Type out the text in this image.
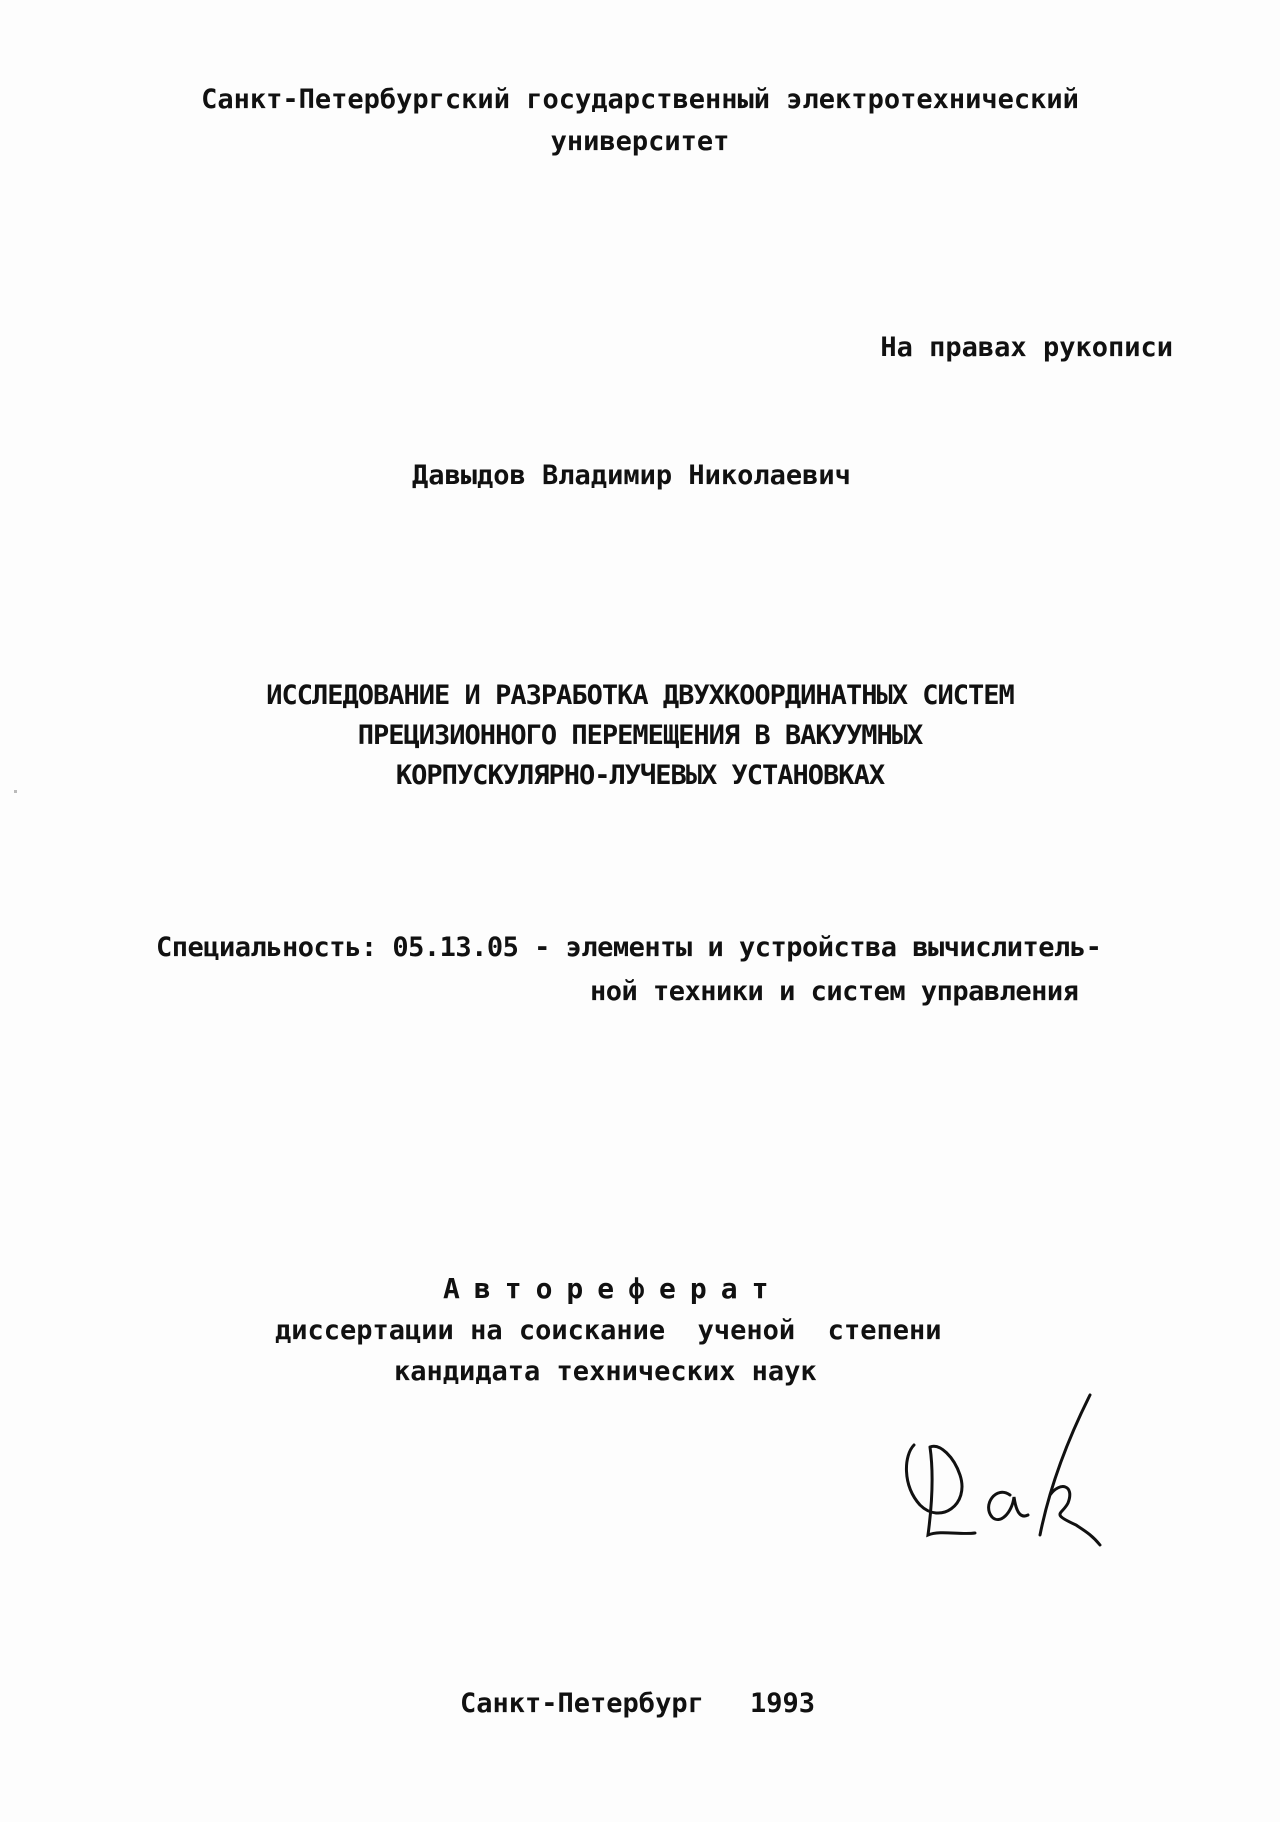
Санкт-Петербургский государственный электротехнический
университет
На правах рукописи
Давыдов Владимир Николаевич
ИССЛЕДОВАНИЕ И РАЗРАБОТКА ДВУХКООРДИНАТНЫХ СИСТЕМ
ПРЕЦИЗИОННОГО ПЕРЕМЕЩЕНИЯ В ВАКУУМНЫХ
КОРПУСКУЛЯРНО-ЛУЧЕВЫХ УСТАНОВКАХ
Специальность: 05.13.05 - элементы и устройства вычислитель-
ной техники и систем управления
Автореферат
диссертации на соискание  ученой  степени
кандидата технических наук
Санкт-Петербург 1993
